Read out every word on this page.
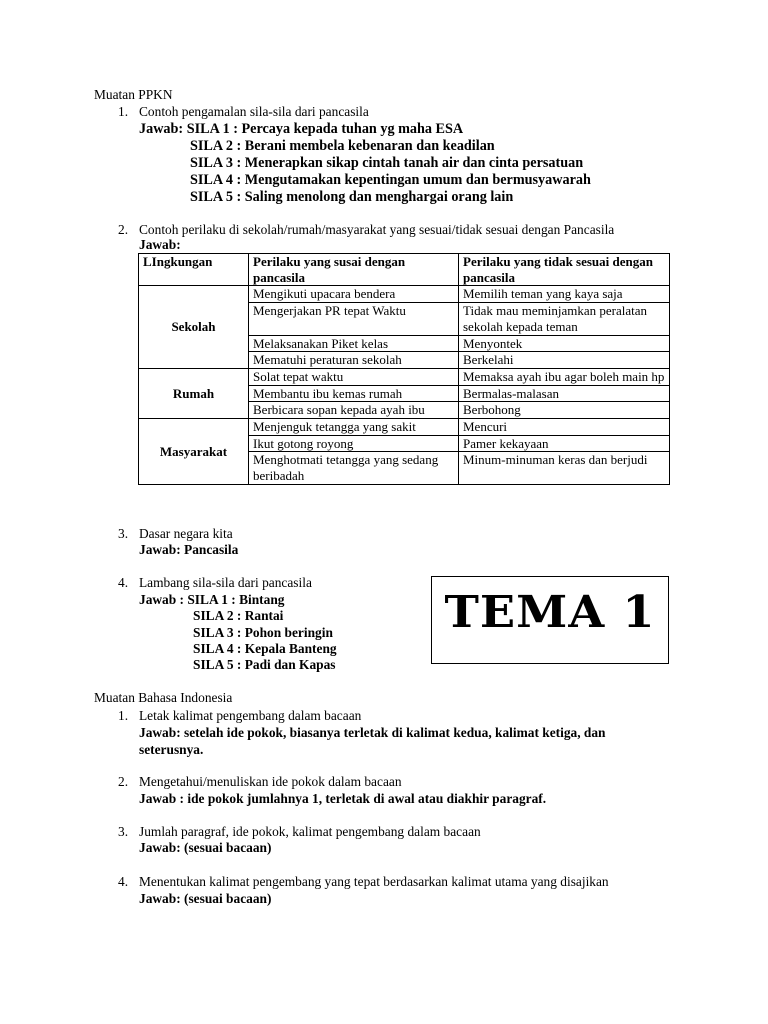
Muatan PPKN
1. Contoh pengamalan sila-sila dari pancasila
Jawab: SILA 1 : Percaya kepada tuhan yg maha ESA
SILA 2 : Berani membela kebenaran dan keadilan
SILA 3 : Menerapkan sikap cintah tanah air dan cinta persatuan
SILA 4 : Mengutamakan kepentingan umum dan bermusyawarah
SILA 5 : Saling menolong dan menghargai orang lain
2. Contoh perilaku di sekolah/rumah/masyarakat yang sesuai/tidak sesuai dengan Pancasila
Jawab:
LIngkungan	Perilaku yang susai dengan pancasila	Perilaku yang tidak sesuai dengan pancasila
Sekolah	Mengikuti upacara bendera	Memilih teman yang kaya saja
	Mengerjakan PR tepat Waktu	Tidak mau meminjamkan peralatan sekolah kepada teman
	Melaksanakan Piket kelas	Menyontek
	Mematuhi peraturan sekolah	Berkelahi
Rumah	Solat tepat waktu	Memaksa ayah ibu agar boleh main hp
	Membantu ibu kemas rumah	Bermalas-malasan
	Berbicara sopan kepada ayah ibu	Berbohong
Masyarakat	Menjenguk tetangga yang sakit	Mencuri
	Ikut gotong royong	Pamer kekayaan
	Menghotmati tetangga yang sedang beribadah	Minum-minuman keras dan berjudi
3. Dasar negara kita
Jawab: Pancasila
4. Lambang sila-sila dari pancasila
Jawab : SILA 1 : Bintang
SILA 2 : Rantai
SILA 3 : Pohon beringin
SILA 4 : Kepala Banteng
SILA 5 : Padi dan Kapas
TEMA 1
Muatan Bahasa Indonesia
1. Letak kalimat pengembang dalam bacaan
Jawab: setelah ide pokok, biasanya terletak di kalimat kedua, kalimat ketiga, dan
seterusnya.
2. Mengetahui/menuliskan ide pokok dalam bacaan
Jawab : ide pokok jumlahnya 1, terletak di awal atau diakhir paragraf.
3. Jumlah paragraf, ide pokok, kalimat pengembang dalam bacaan
Jawab: (sesuai bacaan)
4. Menentukan kalimat pengembang yang tepat berdasarkan kalimat utama yang disajikan
Jawab: (sesuai bacaan)
